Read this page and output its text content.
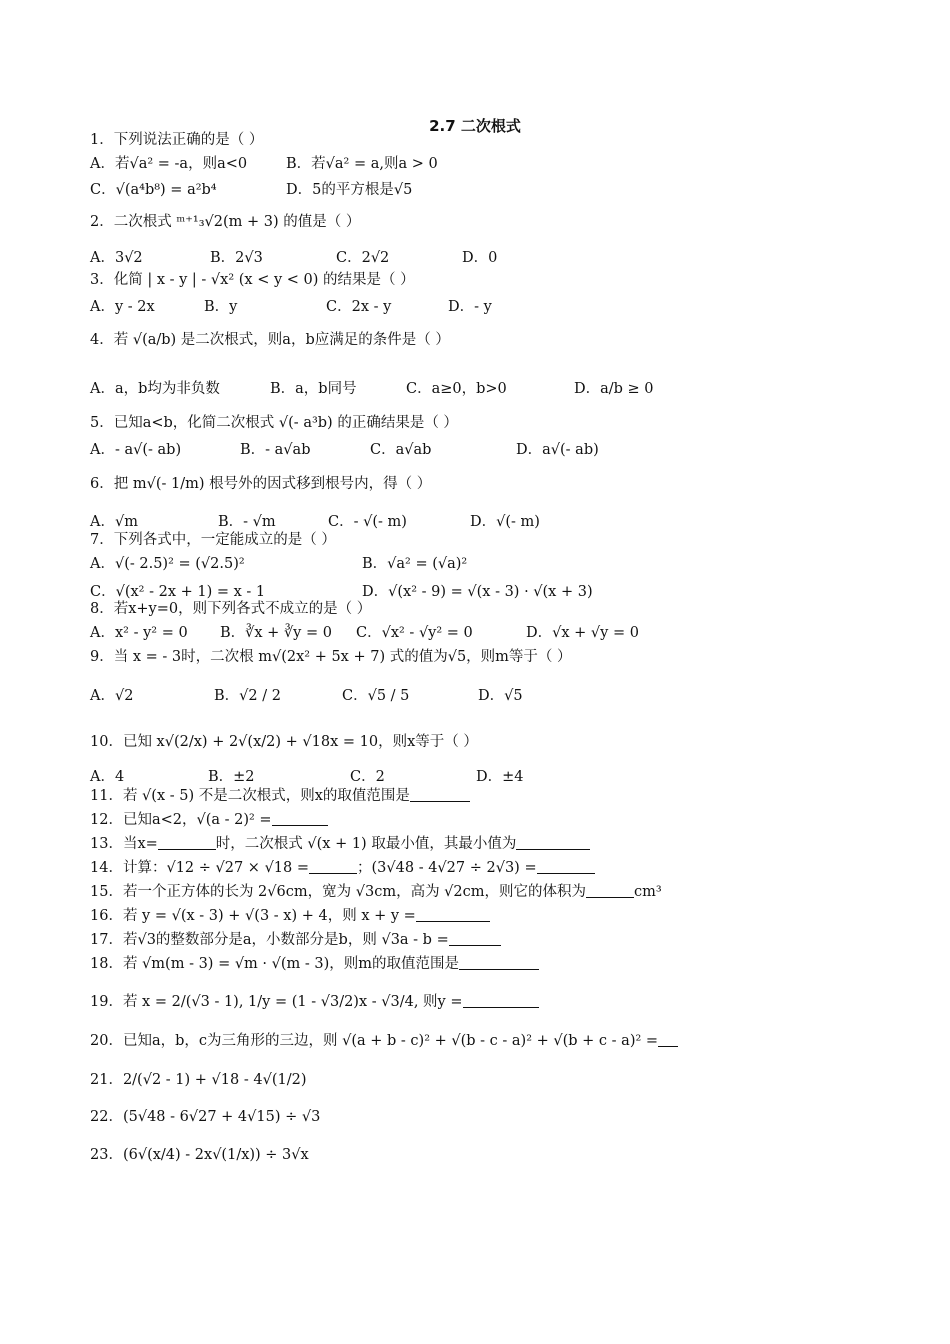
2.7 二次根式
1．下列说法正确的是（ ）
A．若√a² = -a，则a<0	B．若√a² = a,则a > 0
C．√(a⁴b⁸) = a²b⁴	D．5的平方根是√5
2．二次根式 ᵐ⁺¹₃√2(m + 3) 的值是（ ）
A．3√2	B．2√3	C．2√2	D．0
3．化简 | x - y | - √x² (x < y < 0) 的结果是（ ）
A．y - 2x	B．y	C．2x - y	D．- y
4．若 √(a/b) 是二次根式，则a，b应满足的条件是（ ）
A．a，b均为非负数	B．a，b同号	C．a≥0，b>0	D．a/b ≥ 0
5．已知a<b，化简二次根式 √(- a³b) 的正确结果是（ ）
A．- a√(- ab)	B．- a√ab	C．a√ab	D．a√(- ab)
6．把 m√(- 1/m) 根号外的因式移到根号内，得（ ）
A．√m	B．- √m	C．- √(- m)	D．√(- m)
7．下列各式中，一定能成立的是（ ）
A．√(- 2.5)² = (√2.5)²	B．√a² = (√a)²
C．√(x² - 2x + 1) = x - 1	D．√(x² - 9) = √(x - 3) · √(x + 3)
8．若x+y=0，则下列各式不成立的是（ ）
A．x² - y² = 0 B．∛x + ∛y = 0 C．√x² - √y² = 0	D．√x + √y = 0
9．当 x = - 3时，二次根 m√(2x² + 5x + 7) 式的值为√5，则m等于（ ）
A．√2	B．√2 / 2	C．√5 / 5	D．√5
10．已知 x√(2/x) + 2√(x/2) + √18x = 10，则x等于（ ）
A．4	B．±2	C．2	D．±4
11．若 √(x - 5) 不是二次根式，则x的取值范围是
12．已知a<2，√(a - 2)² =
13．当x=	时，二次根式 √(x + 1) 取最小值，其最小值为
14．计算：√12 ÷ √27 × √18 =	；(3√48 - 4√27 ÷ 2√3) =
15．若一个正方体的长为 2√6cm，宽为 √3cm，高为 √2cm，则它的体积为	cm³
16．若 y = √(x - 3) + √(3 - x) + 4，则 x + y =
17．若√3的整数部分是a，小数部分是b，则 √3a - b =
18．若 √m(m - 3) = √m · √(m - 3)，则m的取值范围是
19．若 x = 2/(√3 - 1), 1/y = (1 - √3/2)x - √3/4, 则y =
20．已知a，b，c为三角形的三边，则 √(a + b - c)² + √(b - c - a)² + √(b + c - a)² =
21．2/(√2 - 1) + √18 - 4√(1/2)
22．(5√48 - 6√27 + 4√15) ÷ √3
23．(6√(x/4) - 2x√(1/x)) ÷ 3√x
